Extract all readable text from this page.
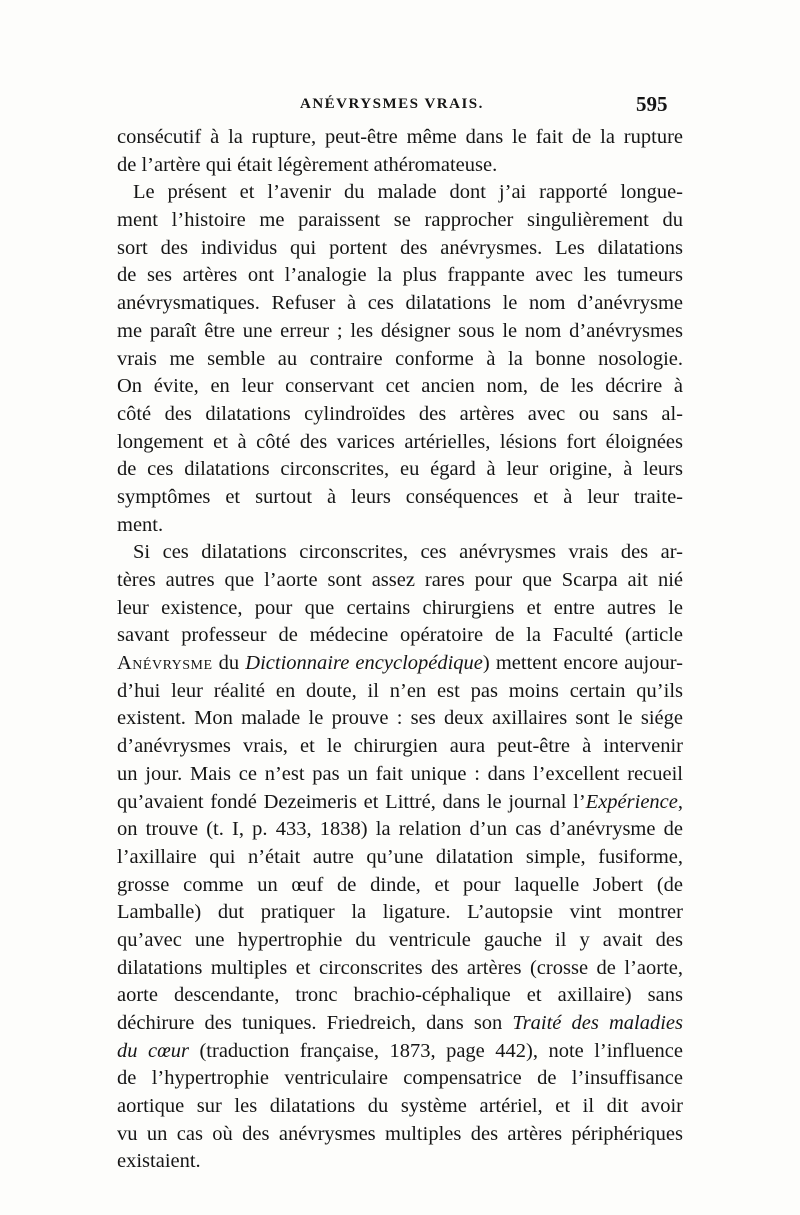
ANÉVRYSMES VRAIS.	595
consécutif à la rupture, peut-être même dans le fait de la rupture
de l’artère qui était légèrement athéromateuse.
Le présent et l’avenir du malade dont j’ai rapporté longue-
ment l’histoire me paraissent se rapprocher singulièrement du
sort des individus qui portent des anévrysmes. Les dilatations
de ses artères ont l’analogie la plus frappante avec les tumeurs
anévrysmatiques. Refuser à ces dilatations le nom d’anévrysme
me paraît être une erreur ; les désigner sous le nom d’anévrysmes
vrais me semble au contraire conforme à la bonne nosologie.
On évite, en leur conservant cet ancien nom, de les décrire à
côté des dilatations cylindroïdes des artères avec ou sans al-
longement et à côté des varices artérielles, lésions fort éloignées
de ces dilatations circonscrites, eu égard à leur origine, à leurs
symptômes et surtout à leurs conséquences et à leur traite-
ment.
Si ces dilatations circonscrites, ces anévrysmes vrais des ar-
tères autres que l’aorte sont assez rares pour que Scarpa ait nié
leur existence, pour que certains chirurgiens et entre autres le
savant professeur de médecine opératoire de la Faculté (article
Anévrysme du Dictionnaire encyclopédique) mettent encore aujour-
d’hui leur réalité en doute, il n’en est pas moins certain qu’ils
existent. Mon malade le prouve : ses deux axillaires sont le siége
d’anévrysmes vrais, et le chirurgien aura peut-être à intervenir
un jour. Mais ce n’est pas un fait unique : dans l’excellent recueil
qu’avaient fondé Dezeimeris et Littré, dans le journal l’Expérience,
on trouve (t. I, p. 433, 1838) la relation d’un cas d’anévrysme de
l’axillaire qui n’était autre qu’une dilatation simple, fusiforme,
grosse comme un œuf de dinde, et pour laquelle Jobert (de
Lamballe) dut pratiquer la ligature. L’autopsie vint montrer
qu’avec une hypertrophie du ventricule gauche il y avait des
dilatations multiples et circonscrites des artères (crosse de l’aorte,
aorte descendante, tronc brachio-céphalique et axillaire) sans
déchirure des tuniques. Friedreich, dans son Traité des maladies
du cœur (traduction française, 1873, page 442), note l’influence
de l’hypertrophie ventriculaire compensatrice de l’insuffisance
aortique sur les dilatations du système artériel, et il dit avoir
vu un cas où des anévrysmes multiples des artères périphériques
existaient.
